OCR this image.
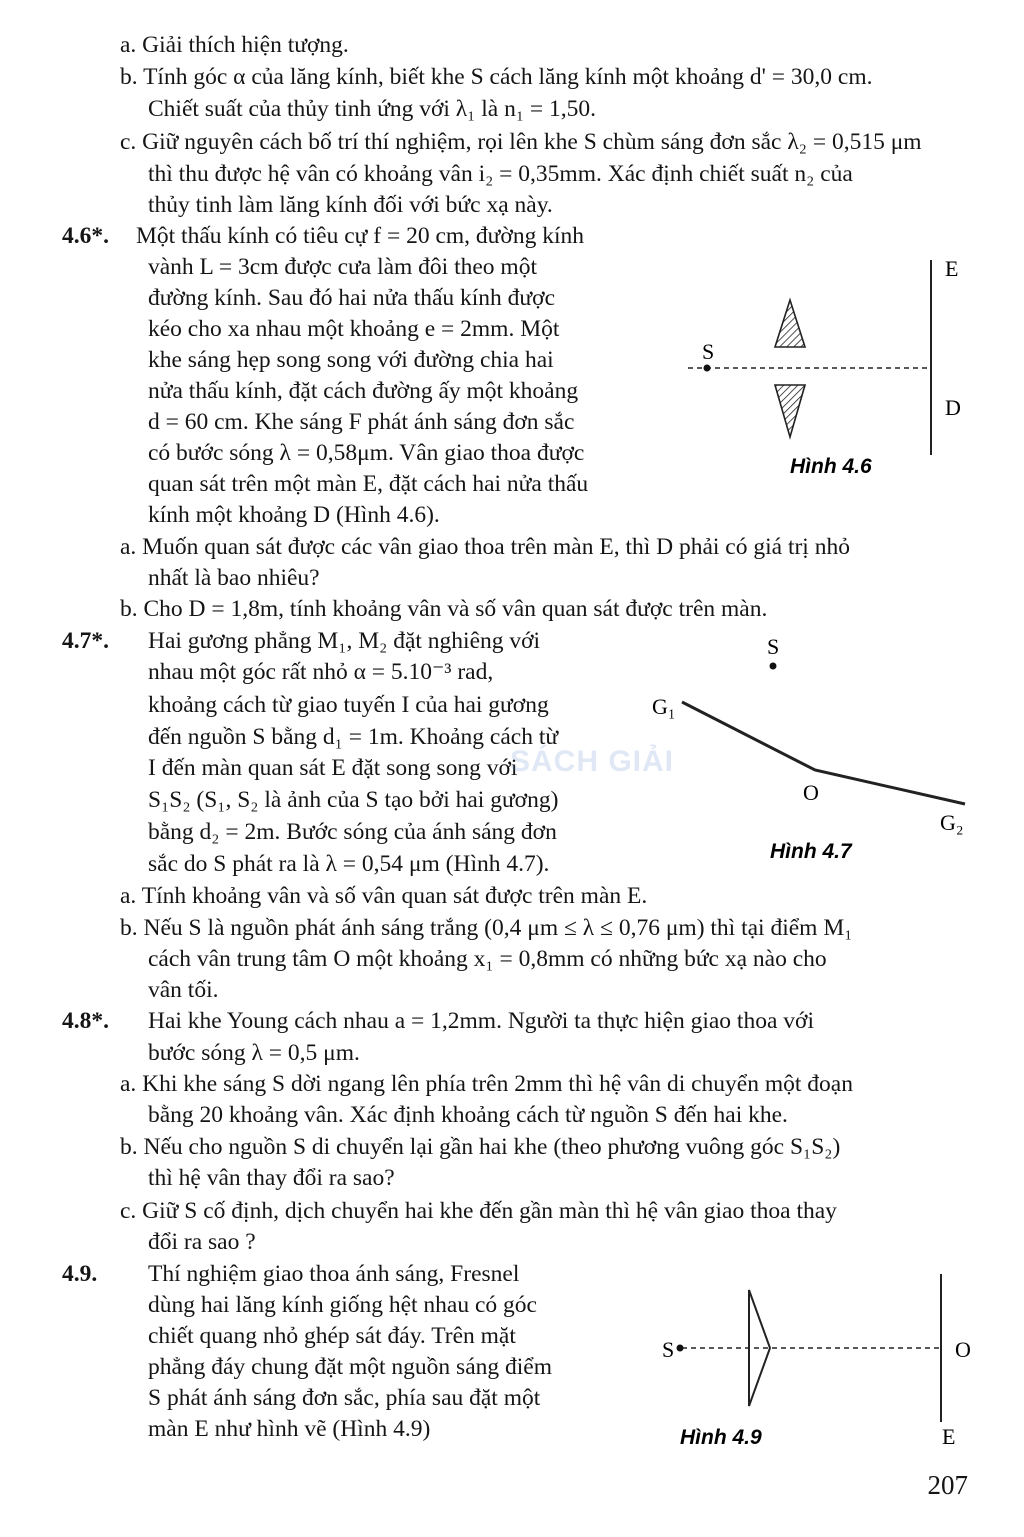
a. Giải thích hiện tượng.
b. Tính góc α của lăng kính, biết khe S cách lăng kính một khoảng d' = 30,0 cm.
Chiết suất của thủy tinh ứng với λ₁ là n₁ = 1,50.
c. Giữ nguyên cách bố trí thí nghiệm, rọi lên khe S chùm sáng đơn sắc λ₂ = 0,515 μm
thì thu được hệ vân có khoảng vân i₂ = 0,35mm. Xác định chiết suất n₂ của
thủy tinh làm lăng kính đối với bức xạ này.
Một thấu kính có tiêu cự f = 20 cm, đường kính
vành L = 3cm được cưa làm đôi theo một
đường kính. Sau đó hai nửa thấu kính được
kéo cho xa nhau một khoảng e = 2mm. Một
khe sáng hẹp song song với đường chia hai
nửa thấu kính, đặt cách đường ấy một khoảng
d = 60 cm. Khe sáng F phát ánh sáng đơn sắc
có bước sóng λ = 0,58μm. Vân giao thoa được
quan sát trên một màn E, đặt cách hai nửa thấu
kính một khoảng D (Hình 4.6).
a. Muốn quan sát được các vân giao thoa trên màn E, thì D phải có giá trị nhỏ
nhất là bao nhiêu?
b. Cho D = 1,8m, tính khoảng vân và số vân quan sát được trên màn.
Hai gương phẳng M₁, M₂ đặt nghiêng với
nhau một góc rất nhỏ α = 5.10⁻³ rad,
khoảng cách từ giao tuyến I của hai gương
đến nguồn S bằng d₁ = 1m. Khoảng cách từ
I đến màn quan sát E đặt song song với
S₁S₂ (S₁, S₂ là ảnh của S tạo bởi hai gương)
bằng d₂ = 2m. Bước sóng của ánh sáng đơn
sắc do S phát ra là λ = 0,54 μm (Hình 4.7).
a. Tính khoảng vân và số vân quan sát được trên màn E.
b. Nếu S là nguồn phát ánh sáng trắng (0,4 μm ≤ λ ≤ 0,76 μm) thì tại điểm M₁
cách vân trung tâm O một khoảng x₁ = 0,8mm có những bức xạ nào cho
vân tối.
Hai khe Young cách nhau a = 1,2mm. Người ta thực hiện giao thoa với
bước sóng λ = 0,5 μm.
a. Khi khe sáng S dời ngang lên phía trên 2mm thì hệ vân di chuyển một đoạn
bằng 20 khoảng vân. Xác định khoảng cách từ nguồn S đến hai khe.
b. Nếu cho nguồn S di chuyển lại gần hai khe (theo phương vuông góc S₁S₂)
thì hệ vân thay đổi ra sao?
c. Giữ S cố định, dịch chuyển hai khe đến gần màn thì hệ vân giao thoa thay
đổi ra sao ?
Thí nghiệm giao thoa ánh sáng, Fresnel
dùng hai lăng kính giống hệt nhau có góc
chiết quang nhỏ ghép sát đáy. Trên mặt
phẳng đáy chung đặt một nguồn sáng điểm
S phát ánh sáng đơn sắc, phía sau đặt một
màn E như hình vẽ (Hình 4.9)
4.6*.
4.7*.
4.8*.
4.9.
SÁCH GIẢI
S
E
D
Hình 4.6
S
G₁
O
G₂
Hình 4.7
S	O
E
Hình 4.9
207
